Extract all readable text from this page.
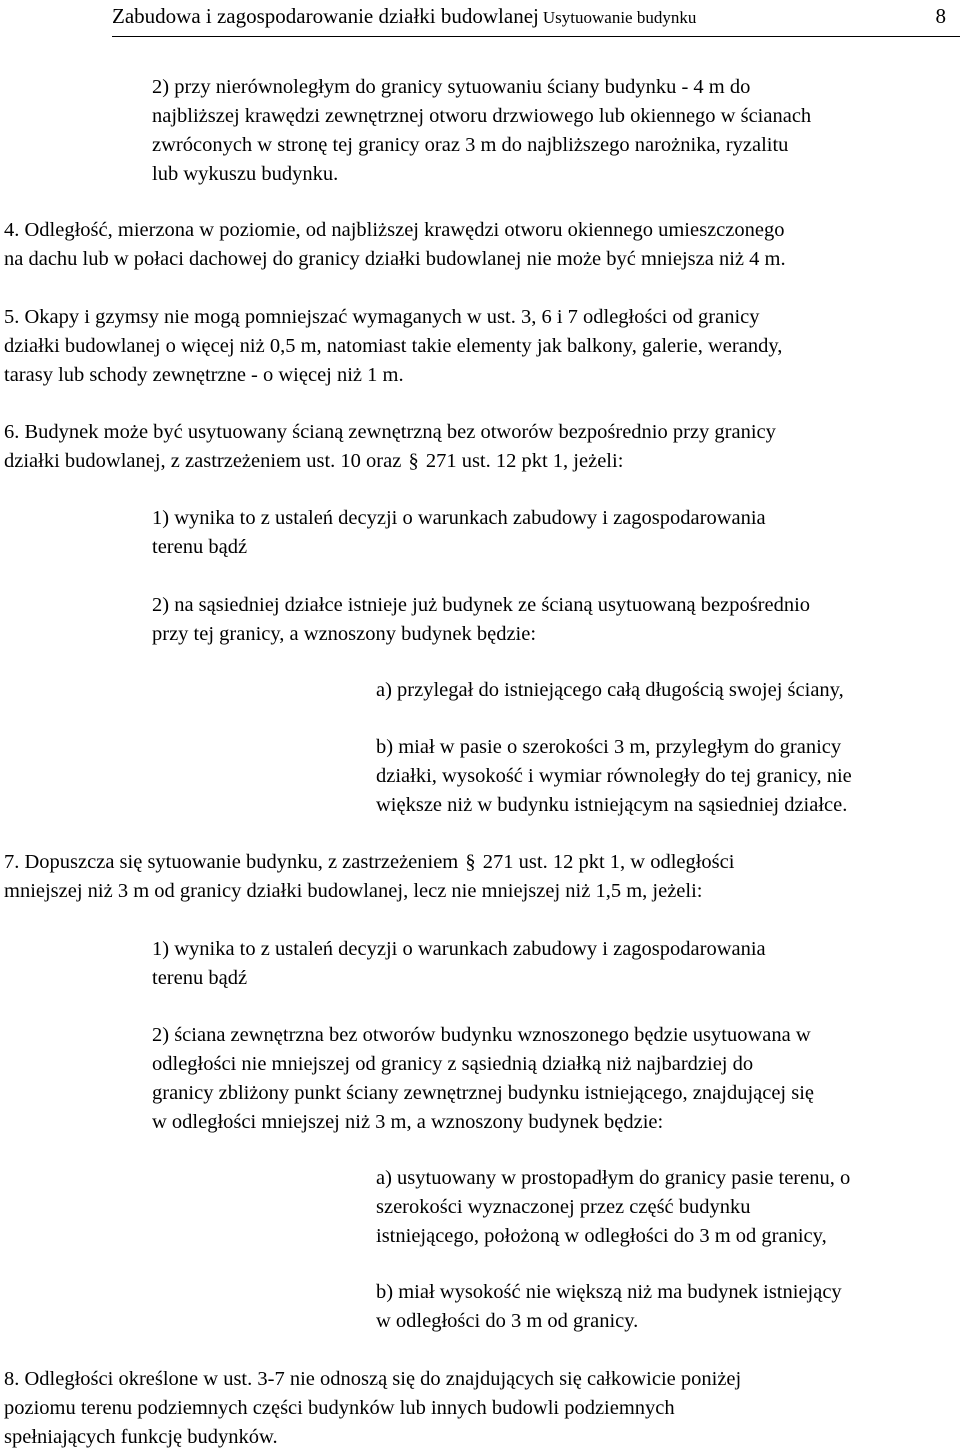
Zabudowa i zagospodarowanie działki budowlanej Usytuowanie budynku	8
2) przy nierównoległym do granicy sytuowaniu ściany budynku - 4 m do
najbliższej krawędzi zewnętrznej otworu drzwiowego lub okiennego w ścianach
zwróconych w stronę tej granicy oraz 3 m do najbliższego narożnika, ryzalitu
lub wykuszu budynku.
4. Odległość, mierzona w poziomie, od najbliższej krawędzi otworu okiennego umieszczonego
na dachu lub w połaci dachowej do granicy działki budowlanej nie może być mniejsza niż 4 m.
5. Okapy i gzymsy nie mogą pomniejszać wymaganych w ust. 3, 6 i 7 odległości od granicy
działki budowlanej o więcej niż 0,5 m, natomiast takie elementy jak balkony, galerie, werandy,
tarasy lub schody zewnętrzne - o więcej niż 1 m.
6. Budynek może być usytuowany ścianą zewnętrzną bez otworów bezpośrednio przy granicy
działki budowlanej, z zastrzeżeniem ust. 10 oraz § 271 ust. 12 pkt 1, jeżeli:
1) wynika to z ustaleń decyzji o warunkach zabudowy i zagospodarowania
terenu bądź
2) na sąsiedniej działce istnieje już budynek ze ścianą usytuowaną bezpośrednio
przy tej granicy, a wznoszony budynek będzie:
a) przylegał do istniejącego całą długością swojej ściany,
b) miał w pasie o szerokości 3 m, przyległym do granicy
działki, wysokość i wymiar równoległy do tej granicy, nie
większe niż w budynku istniejącym na sąsiedniej działce.
7. Dopuszcza się sytuowanie budynku, z zastrzeżeniem § 271 ust. 12 pkt 1, w odległości
mniejszej niż 3 m od granicy działki budowlanej, lecz nie mniejszej niż 1,5 m, jeżeli:
1) wynika to z ustaleń decyzji o warunkach zabudowy i zagospodarowania
terenu bądź
2) ściana zewnętrzna bez otworów budynku wznoszonego będzie usytuowana w
odległości nie mniejszej od granicy z sąsiednią działką niż najbardziej do
granicy zbliżony punkt ściany zewnętrznej budynku istniejącego, znajdującej się
w odległości mniejszej niż 3 m, a wznoszony budynek będzie:
a) usytuowany w prostopadłym do granicy pasie terenu, o
szerokości wyznaczonej przez część budynku
istniejącego, położoną w odległości do 3 m od granicy,
b) miał wysokość nie większą niż ma budynek istniejący
w odległości do 3 m od granicy.
8. Odległości określone w ust. 3-7 nie odnoszą się do znajdujących się całkowicie poniżej
poziomu terenu podziemnych części budynków lub innych budowli podziemnych
spełniających funkcję budynków.
